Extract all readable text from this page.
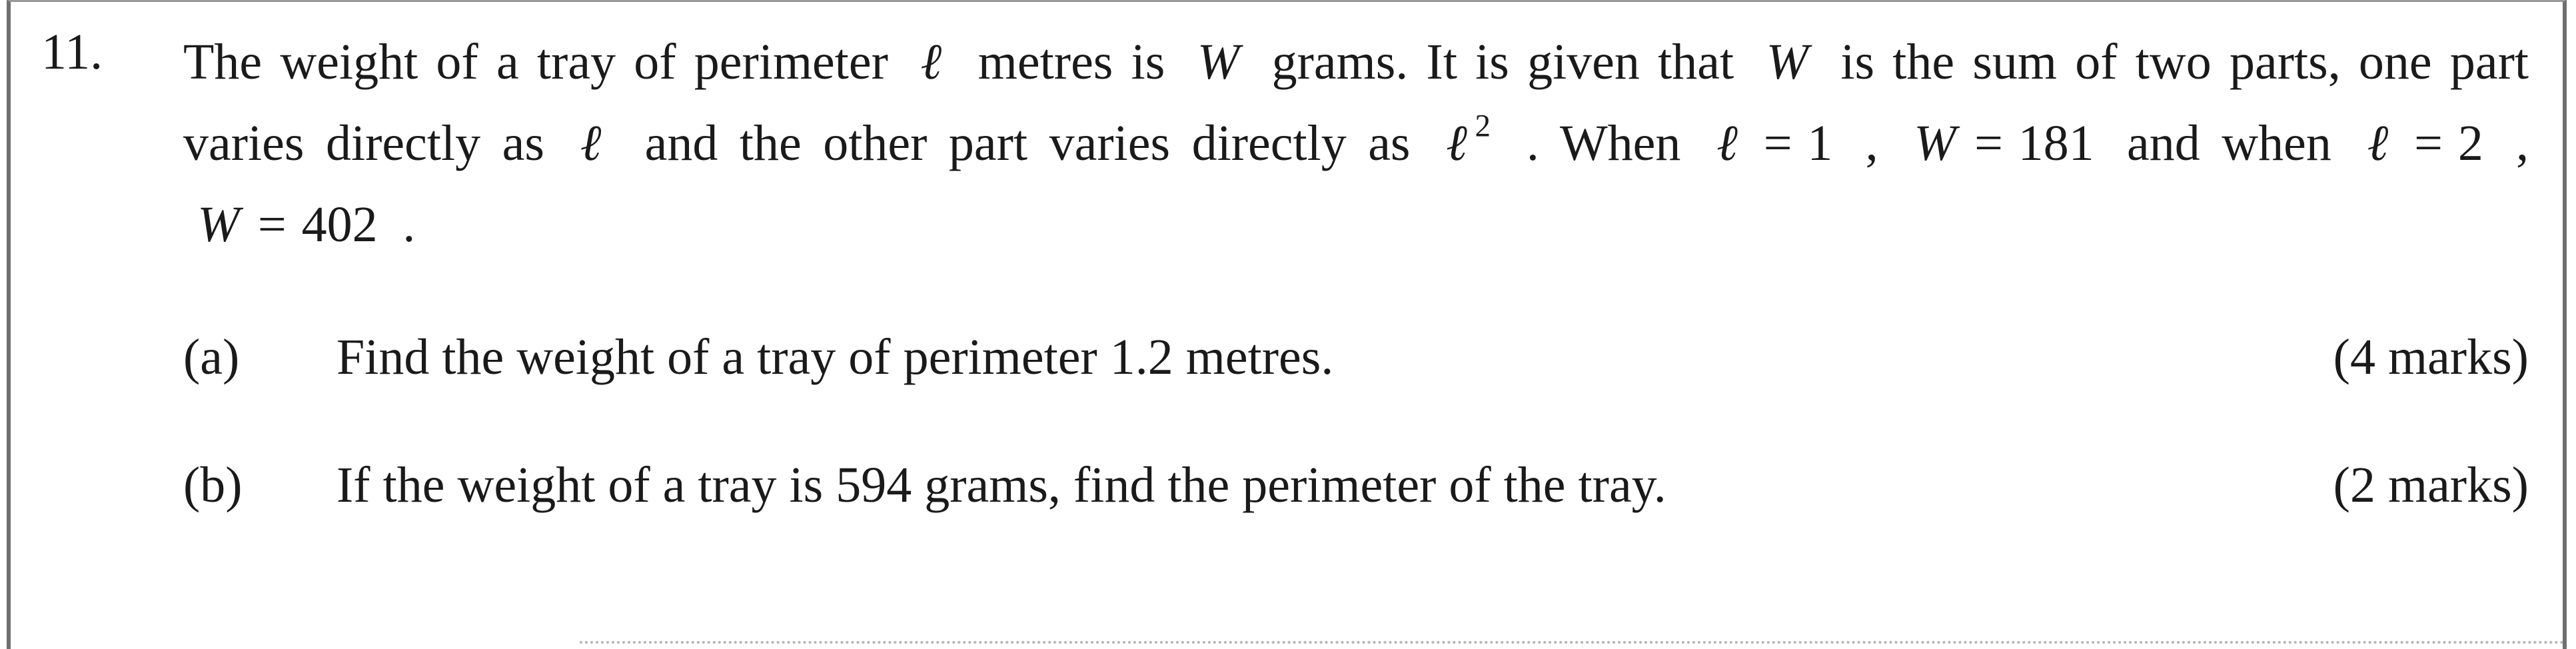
11. The weight of a tray of perimeter ℓ metres is W grams. It is given that W is the sum of two parts, one part varies directly as ℓ and the other part varies directly as ℓ$^2$ . When ℓ = 1 , W = 181 and when ℓ = 2 , W = 402 .
(a) Find the weight of a tray of perimeter 1.2 metres.	(4 marks)
(b) If the weight of a tray is 594 grams, find the perimeter of the tray.	(2 marks)
